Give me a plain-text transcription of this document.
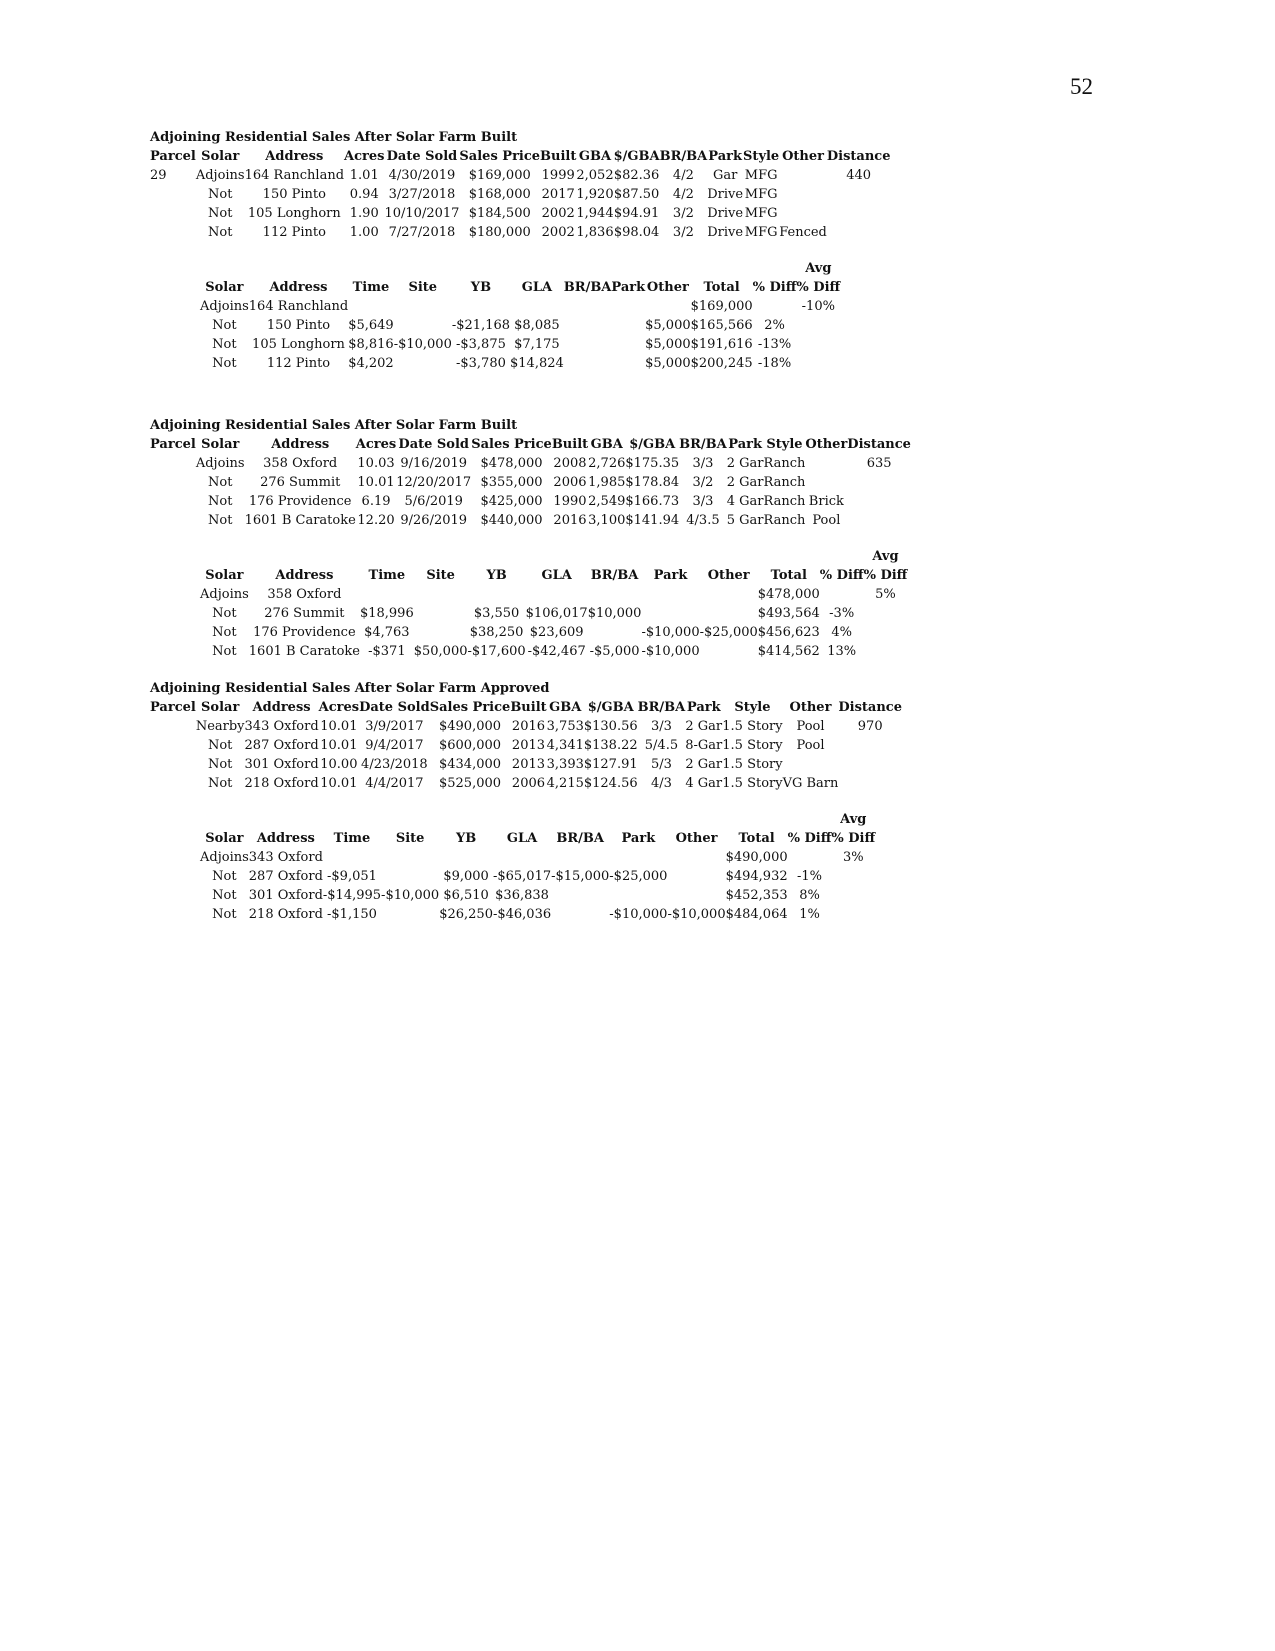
52
Adjoining Residential Sales After Solar Farm Built
Parcel	Solar	Address	Acres	Date Sold	Sales Price	Built	GBA	$/GBA	BR/BA	Park	Style	Other	Distance
29	Adjoins	164 Ranchland	1.01	4/30/2019	$169,000	1999	2,052	$82.36	4/2	Gar	MFG		440
	Not	150 Pinto	0.94	3/27/2018	$168,000	2017	1,920	$87.50	4/2	Drive	MFG		
	Not	105 Longhorn	1.90	10/10/2017	$184,500	2002	1,944	$94.91	3/2	Drive	MFG		
	Not	112 Pinto	1.00	7/27/2018	$180,000	2002	1,836	$98.04	3/2	Drive	MFG	Fenced	
											Avg
Solar	Address	Time	Site	YB	GLA	BR/BA	Park	Other	Total	% Diff	% Diff
Adjoins	164 Ranchland								$169,000		-10%
Not	150 Pinto	$5,649		-$21,168	$8,085			$5,000	$165,566	2%	
Not	105 Longhorn	$8,816	-$10,000	-$3,875	$7,175			$5,000	$191,616	-13%	
Not	112 Pinto	$4,202		-$3,780	$14,824			$5,000	$200,245	-18%	
Adjoining Residential Sales After Solar Farm Built
Parcel	Solar	Address	Acres	Date Sold	Sales Price	Built	GBA	$/GBA	BR/BA	Park	Style	Other	Distance
	Adjoins	358 Oxford	10.03	9/16/2019	$478,000	2008	2,726	$175.35	3/3	2 Gar	Ranch		635
	Not	276 Summit	10.01	12/20/2017	$355,000	2006	1,985	$178.84	3/2	2 Gar	Ranch		
	Not	176 Providence	6.19	5/6/2019	$425,000	1990	2,549	$166.73	3/3	4 Gar	Ranch	Brick	
	Not	1601 B Caratoke	12.20	9/26/2019	$440,000	2016	3,100	$141.94	4/3.5	5 Gar	Ranch	Pool	
											Avg
Solar	Address	Time	Site	YB	GLA	BR/BA	Park	Other	Total	% Diff	% Diff
Adjoins	358 Oxford								$478,000		5%
Not	276 Summit	$18,996		$3,550	$106,017	$10,000			$493,564	-3%	
Not	176 Providence	$4,763		$38,250	$23,609		-$10,000	-$25,000	$456,623	4%	
Not	1601 B Caratoke	-$371	$50,000	-$17,600	-$42,467	-$5,000	-$10,000		$414,562	13%	
Adjoining Residential Sales After Solar Farm Approved
Parcel	Solar	Address	Acres	Date Sold	Sales Price	Built	GBA	$/GBA	BR/BA	Park	Style	Other	Distance
	Nearby	343 Oxford	10.01	3/9/2017	$490,000	2016	3,753	$130.56	3/3	2 Gar	1.5 Story	Pool	970
	Not	287 Oxford	10.01	9/4/2017	$600,000	2013	4,341	$138.22	5/4.5	8-Gar	1.5 Story	Pool	
	Not	301 Oxford	10.00	4/23/2018	$434,000	2013	3,393	$127.91	5/3	2 Gar	1.5 Story		
	Not	218 Oxford	10.01	4/4/2017	$525,000	2006	4,215	$124.56	4/3	4 Gar	1.5 Story	VG Barn	
											Avg
Solar	Address	Time	Site	YB	GLA	BR/BA	Park	Other	Total	% Diff	% Diff
Adjoins	343 Oxford								$490,000		3%
Not	287 Oxford	-$9,051		$9,000	-$65,017	-$15,000	-$25,000		$494,932	-1%	
Not	301 Oxford	-$14,995	-$10,000	$6,510	$36,838				$452,353	8%	
Not	218 Oxford	-$1,150		$26,250	-$46,036		-$10,000	-$10,000	$484,064	1%	
